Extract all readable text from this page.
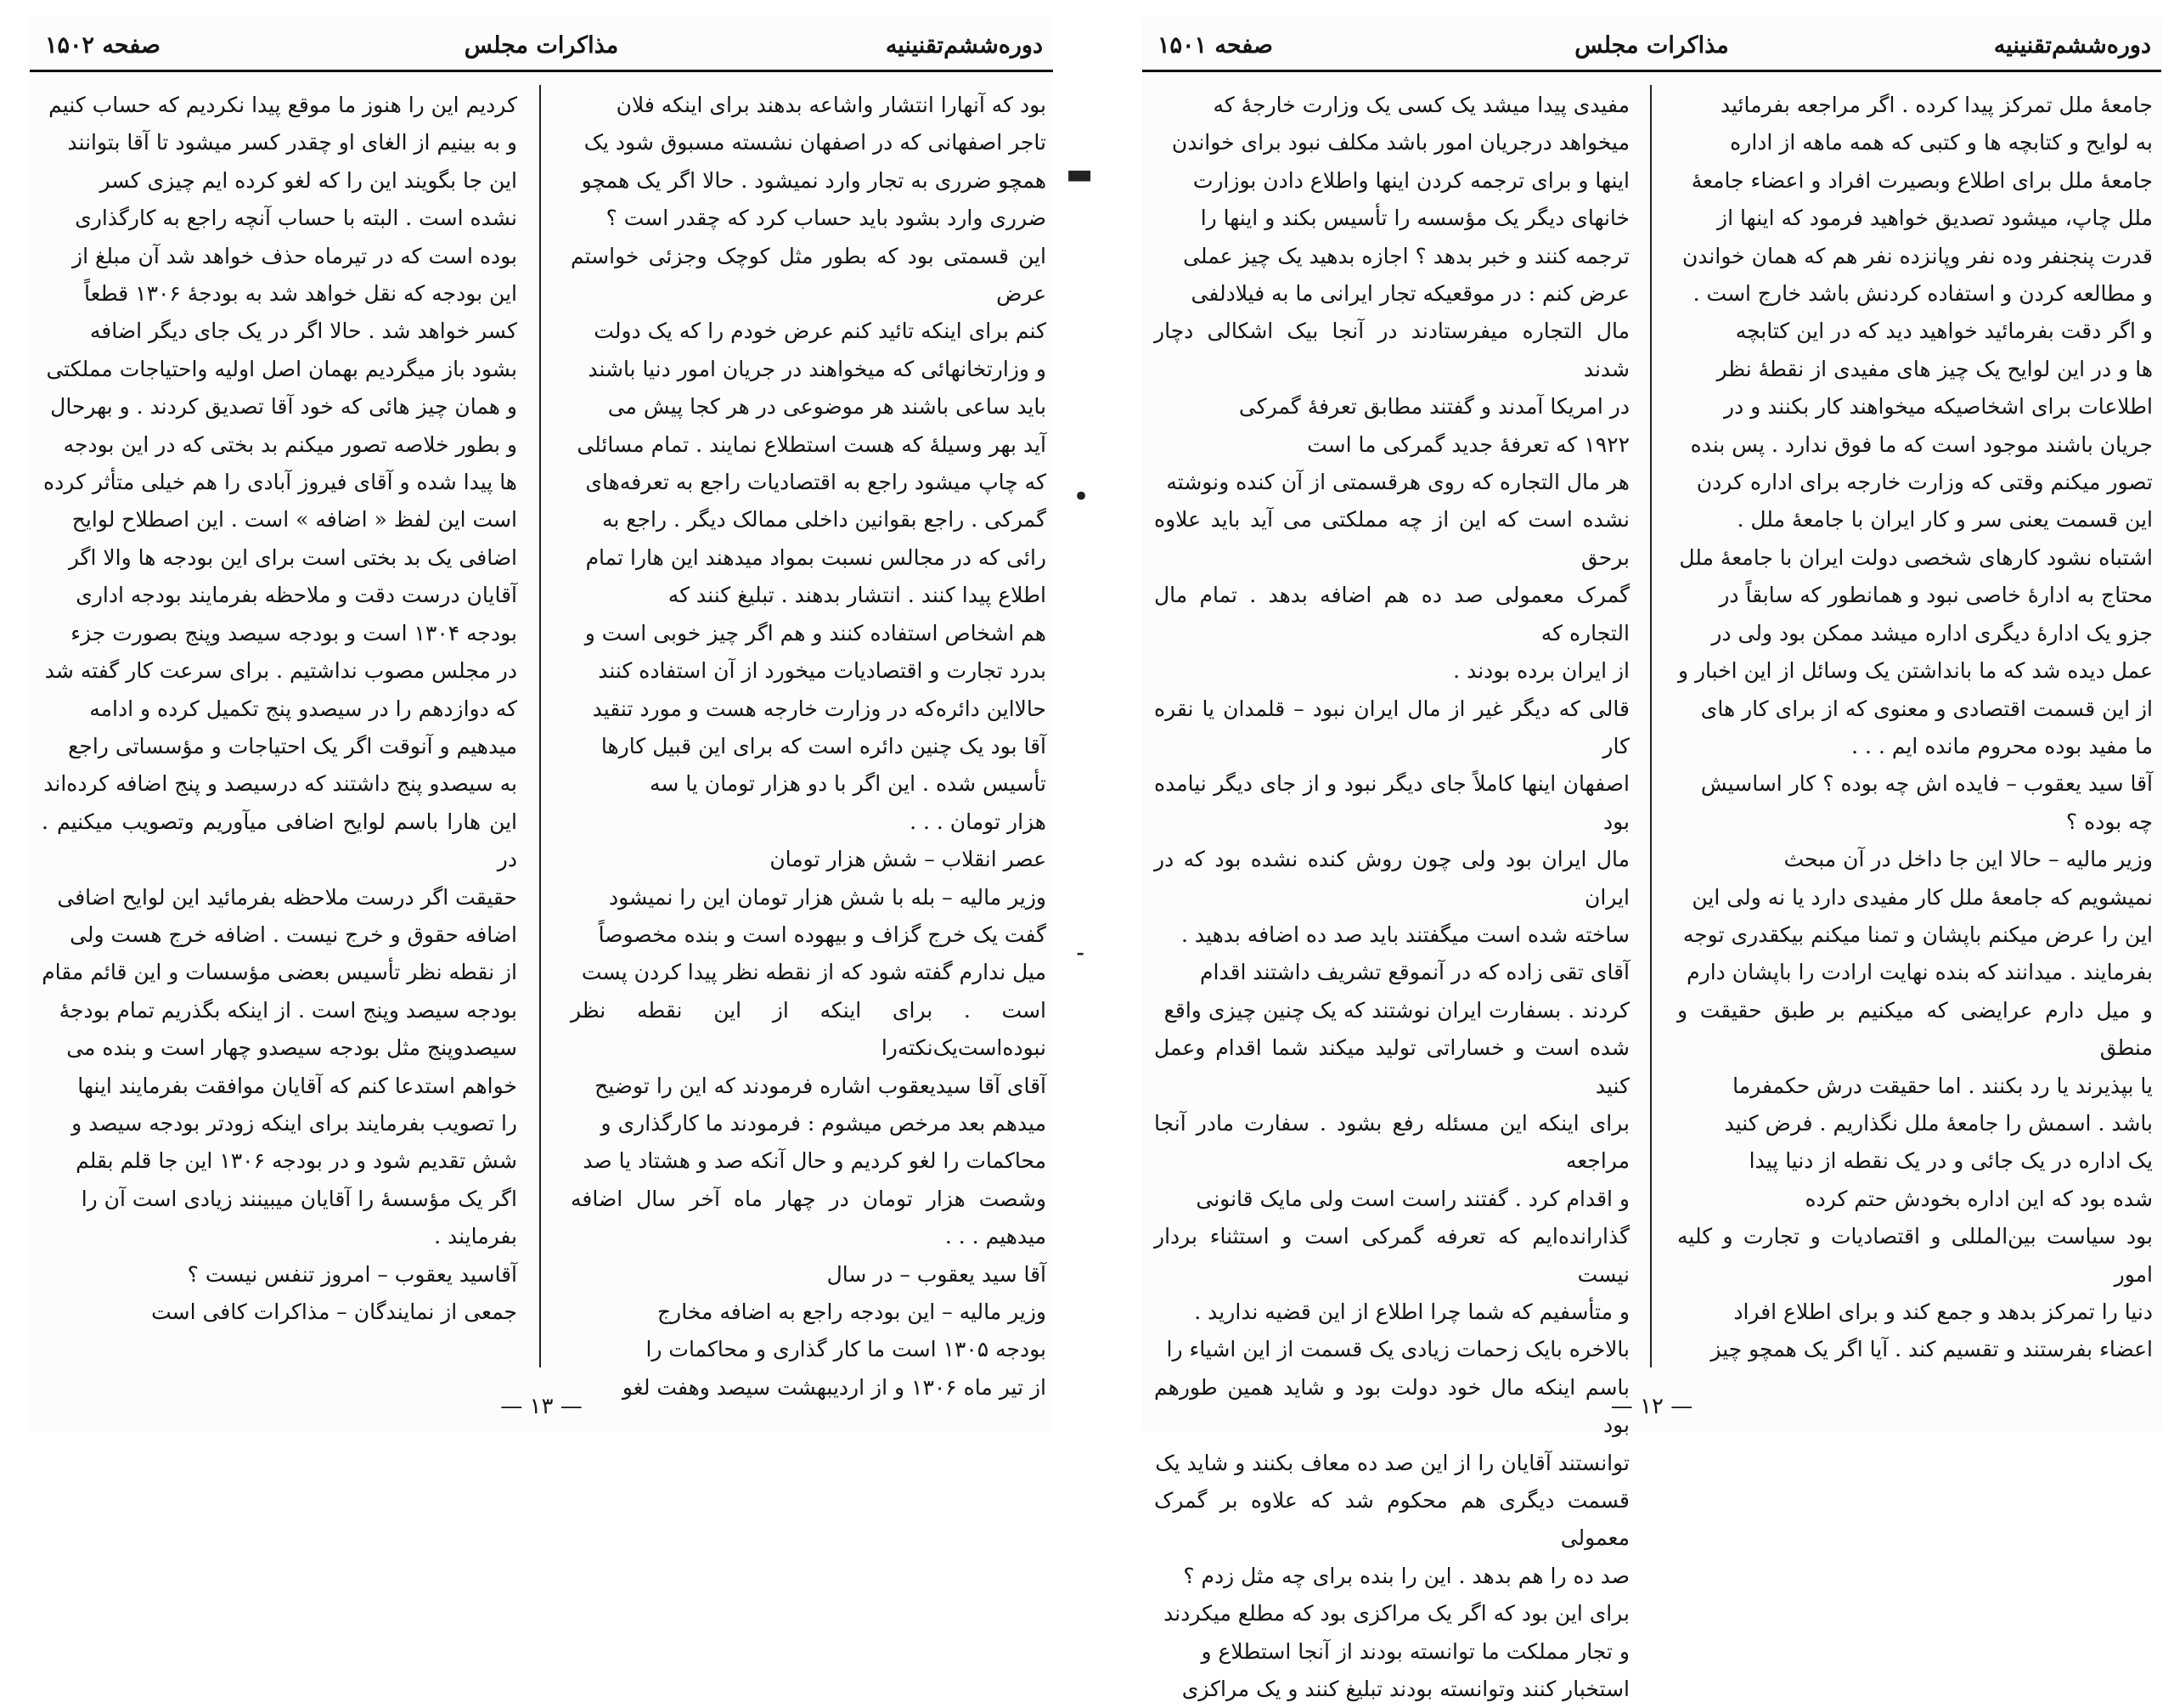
دوره‌ششم‌تقنینیه
مذاکرات مجلس
صفحه ۱۵۰۲

بود که آنهارا انتشار واشاعه بدهند برای اینکه فلان

تاجر اصفهانی که در اصفهان نشسته مسبوق شود یک

همچو ضرری به تجار وارد نمیشود . حالا اگر یک همچو

ضرری وارد بشود باید حساب کرد که چقدر است ؟

این قسمتی بود که بطور مثل کوچک وجزئی خواستم عرض

کنم برای اینکه تائید کنم عرض خودم را که یک دولت

و وزارتخانهائی که میخواهند در جریان امور دنیا باشند

باید ساعی باشند هر موضوعی در هر کجا پیش می

آید بهر وسیلهٔ که هست استطلاع نمایند . تمام مسائلی

که چاپ میشود راجع به اقتصادیات راجع به تعرفه‌های

گمرکی . راجع بقوانین داخلی ممالک دیگر . راجع به

رائی که در مجالس نسبت بمواد میدهند این هارا تمام

اطلاع پیدا کنند . انتشار بدهند . تبلیغ کنند که

هم اشخاص استفاده کنند و هم اگر چیز خوبی است و

بدرد تجارت و اقتصادیات میخورد از آن استفاده کنند

حالااین دائره‌که در وزارت خارجه هست و مورد تنقید

آقا بود یک چنین دائره است که برای این قبیل کارها

تأسیس شده . این اگر با دو هزار تومان یا سه

هزار تومان . . .

عصر انقلاب – شش هزار تومان

وزیر مالیه – بله با شش هزار تومان این را نمیشود

گفت یک خرج گزاف و بیهوده است و بنده مخصوصاً

میل ندارم گفته شود که از نقطه نظر پیدا کردن پست

است . برای اینکه از این نقطه نظر نبوده‌است‌یک‌نکته‌را

آقای آقا سیدیعقوب اشاره فرمودند که این را توضیح

میدهم بعد مرخص میشوم : فرمودند ما کارگذاری و

محاکمات را لغو کردیم و حال آنکه صد و هشتاد یا صد

وشصت هزار تومان در چهار ماه آخر سال اضافه میدهیم . . .

آقا سید یعقوب – در سال

وزیر مالیه – این بودجه راجع به اضافه مخارج

بودجه ۱۳۰۵ است ما کار گذاری و محاکمات را

از تیر ماه ۱۳۰۶ و از اردیبهشت سیصد وهفت لغو

کردیم این را هنوز ما موقع پیدا نکردیم که حساب کنیم

و به بینیم از الغای او چقدر کسر میشود تا آقا بتوانند

این جا بگویند این را که لغو کرده ایم چیزی کسر

نشده است . البته با حساب آنچه راجع به کارگذاری

بوده است که در تیرماه حذف خواهد شد آن مبلغ از

این بودجه که نقل خواهد شد به بودجهٔ ۱۳۰۶ قطعاً

کسر خواهد شد . حالا اگر در یک جای دیگر اضافه

بشود باز میگردیم بهمان اصل اولیه واحتیاجات مملکتی

و همان چیز هائی که خود آقا تصدیق کردند . و بهرحال

و بطور خلاصه تصور میکنم بد بختی که در این بودجه

ها پیدا شده و آقای فیروز آبادی را هم خیلی متأثر کرده

است این لفظ « اضافه » است . این اصطلاح لوایح

اضافی یک بد بختی است برای این بودجه ها والا اگر

آقایان درست دقت و ملاحظه بفرمایند بودجه اداری

بودجه ۱۳۰۴ است و بودجه سیصد وپنج بصورت جزء

در مجلس مصوب نداشتیم . برای سرعت کار گفته شد

که دوازدهم را در سیصدو پنج تکمیل کرده و ادامه

میدهیم و آنوقت اگر یک احتیاجات و مؤسساتی راجع

به سیصدو پنج داشتند که درسیصد و پنج اضافه کرده‌اند

این هارا باسم لوایح اضافی میآوریم وتصویب میکنیم . در

حقیقت اگر درست ملاحظه بفرمائید این لوایح اضافی

اضافه حقوق و خرج نیست . اضافه خرج هست ولی

از نقطه نظر تأسیس بعضی مؤسسات و این قائم مقام

بودجه سیصد وپنج است . از اینکه بگذریم تمام بودجهٔ

سیصدوپنج مثل بودجه سیصدو چهار است و بنده می

خواهم استدعا کنم که آقایان موافقت بفرمایند اینها

را تصویب بفرمایند برای اینکه زودتر بودجه سیصد و

شش تقدیم شود و در بودجه ۱۳۰۶ این جا قلم بقلم

اگر یک مؤسسهٔ را آقایان میبینند زیادی است آن را

بفرمایند .

آقاسید یعقوب – امروز تنفس نیست ؟

جمعی از نمایندگان – مذاکرات کافی است

— ۱۳ —
▬
•
⁃
دوره‌ششم‌تقنینیه
مذاکرات مجلس
صفحه ۱۵۰۱

جامعهٔ ملل تمرکز پیدا کرده . اگر مراجعه بفرمائید

به لوایح و کتابچه ها و کتبی که همه ماهه از اداره

جامعهٔ ملل برای اطلاع وبصیرت افراد و اعضاء جامعهٔ

ملل چاپ، میشود تصدیق خواهید فرمود که اینها از

قدرت پنجنفر وده نفر وپانزده نفر هم که همان خواندن

و مطالعه کردن و استفاده کردنش باشد خارج است .

و اگر دقت بفرمائید خواهید دید که در این کتابچه

ها و در این لوایح یک چیز های مفیدی از نقطهٔ نظر

اطلاعات برای اشخاصیکه میخواهند کار بکنند و در

جریان باشند موجود است که ما فوق ندارد . پس بنده

تصور میکنم وقتی که وزارت خارجه برای اداره کردن

این قسمت یعنی سر و کار ایران با جامعهٔ ملل .

اشتباه نشود کارهای شخصی دولت ایران با جامعهٔ ملل

محتاج به ادارهٔ خاصی نبود و همانطور که سابقاً در

جزو یک ادارهٔ دیگری اداره میشد ممکن بود ولی در

عمل دیده شد که ما بانداشتن یک وسائل از این اخبار و

از این قسمت اقتصادی و معنوی که از برای کار های

ما مفید بوده محروم مانده ایم . . .

آقا سید یعقوب – فایده اش چه بوده ؟ کار اساسیش

چه بوده ؟

وزیر مالیه – حالا این جا داخل در آن مبحث

نمیشویم که جامعهٔ ملل کار مفیدی دارد یا نه ولی این

این را عرض میکنم باپشان و تمنا میکنم بیکقدری توجه

بفرمایند . میدانند که بنده نهایت ارادت را باپشان دارم

و میل دارم عرایضی که میکنیم بر طبق حقیقت و منطق

یا بپذیرند یا رد بکنند . اما حقیقت درش حکمفرما

باشد . اسمش را جامعهٔ ملل نگذاریم . فرض کنید

یک اداره در یک جائی و در یک نقطه از دنیا پیدا

شده بود که این اداره بخودش حتم کرده

بود سیاست بین‌المللی و اقتصادیات و تجارت و کلیه امور

دنیا را تمرکز بدهد و جمع کند و برای اطلاع افراد

اعضاء بفرستند و تقسیم کند . آیا اگر یک همچو چیز

مفیدی پیدا میشد یک کسی یک وزارت خارجهٔ که

میخواهد درجریان امور باشد مکلف نبود برای خواندن

اینها و برای ترجمه کردن اینها واطلاع دادن بوزارت

خانهای دیگر یک مؤسسه را تأسیس بکند و اینها را

ترجمه کنند و خبر بدهد ؟ اجازه بدهید یک چیز عملی

عرض کنم : در موقعیکه تجار ایرانی ما به فیلادلفی

مال التجاره میفرستادند در آنجا بیک اشکالی دچار شدند

در امریکا آمدند و گفتند مطابق تعرفهٔ گمرکی

۱۹۲۲ که تعرفهٔ جدید گمرکی ما است

هر مال التجاره که روی هرقسمتی از آن کنده ونوشته

نشده است که این از چه مملکتی می آید باید علاوه برحق

گمرک معمولی صد ده هم اضافه بدهد . تمام مال التجاره که

از ایران برده بودند .

قالی که دیگر غیر از مال ایران نبود – قلمدان یا نقره کار

اصفهان اینها کاملاً جای دیگر نبود و از جای دیگر نیامده بود

مال ایران بود ولی چون روش کنده نشده بود که در ایران

ساخته شده است میگفتند باید صد ده اضافه بدهید .

آقای تقی زاده که در آنموقع تشریف داشتند اقدام

کردند . بسفارت ایران نوشتند که یک چنین چیزی واقع

شده است و خساراتی تولید میکند شما اقدام وعمل کنید

برای اینکه این مسئله رفع بشود . سفارت مادر آنجا مراجعه

و اقدام کرد . گفتند راست است ولی مایک قانونی

گذارانده‌ایم که تعرفه گمرکی است و استثناء بردار نیست

و متأسفیم که شما چرا اطلاع از این قضیه ندارید .

بالاخره بایک زحمات زیادی یک قسمت از این اشیاء را

باسم اینکه مال خود دولت بود و شاید همین طورهم بود

توانستند آقایان را از این صد ده معاف بکنند و شاید یک

قسمت دیگری هم محکوم شد که علاوه بر گمرک معمولی

صد ده را هم بدهد . این را بنده برای چه مثل زدم ؟

برای این بود که اگر یک مراکزی بود که مطلع میکردند

و تجار مملکت ما توانسته بودند از آنجا استطلاع و

استخبار کنند وتوانسته بودند تبلیغ کنند و یک مراکزی

— ۱۲ —
